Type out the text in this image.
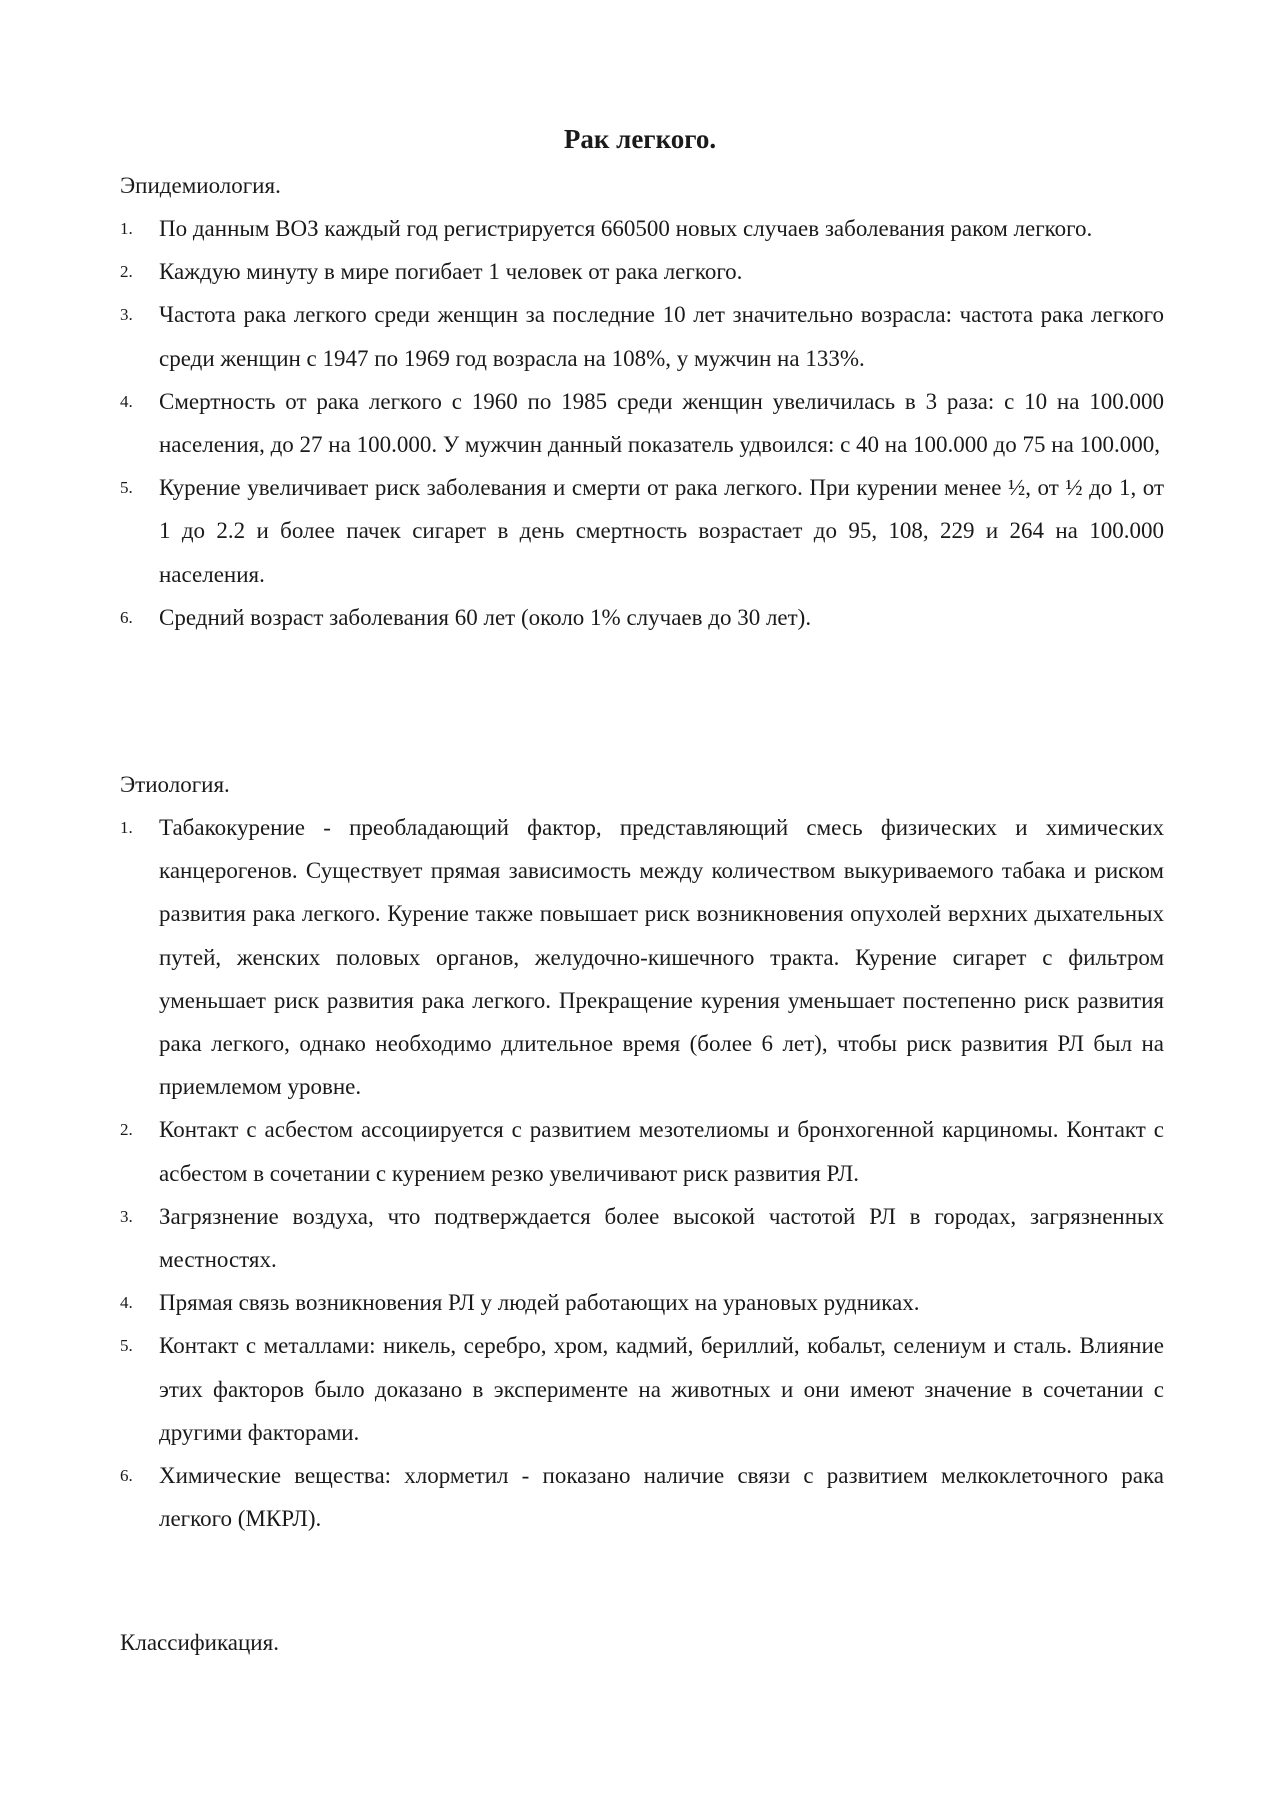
Рак легкого.
Эпидемиология.
1. По данным ВОЗ каждый год регистрируется 660500 новых случаев заболевания раком легкого.
2. Каждую минуту в мире погибает 1 человек от рака легкого.
3. Частота рака легкого среди женщин за последние 10 лет значительно возрасла: частота рака легкого среди женщин с 1947 по 1969 год возрасла на 108%, у мужчин на 133%.
4. Смертность от рака легкого с 1960 по 1985 среди женщин увеличилась в 3 раза: с 10 на 100.000 населения, до 27 на 100.000. У мужчин данный показатель удвоился: с 40 на 100.000 до 75 на 100.000,
5. Курение увеличивает риск заболевания и смерти от рака легкого. При курении менее ½, от ½ до 1, от 1 до 2.2 и более пачек сигарет в день смертность возрастает до 95, 108, 229 и 264 на 100.000 населения.
6. Средний возраст заболевания 60 лет (около 1% случаев до 30 лет).
Этиология.
1. Табакокурение - преобладающий фактор, представляющий смесь физических и химических канцерогенов. Существует прямая зависимость между количеством выкуриваемого табака и риском развития рака легкого. Курение также повышает риск возникновения опухолей верхних дыхательных путей, женских половых органов, желудочно-кишечного тракта. Курение сигарет с фильтром уменьшает риск развития рака легкого. Прекращение курения уменьшает постепенно риск развития рака легкого, однако необходимо длительное время (более 6 лет), чтобы риск развития РЛ был на приемлемом уровне.
2. Контакт с асбестом ассоциируется с развитием мезотелиомы и бронхогенной карциномы. Контакт с асбестом в сочетании с курением резко увеличивают риск развития РЛ.
3. Загрязнение воздуха, что подтверждается более высокой частотой РЛ в городах, загрязненных местностях.
4. Прямая связь возникновения РЛ у людей работающих на урановых рудниках.
5. Контакт с металлами: никель, серебро, хром, кадмий, бериллий, кобальт, селениум и сталь. Влияние этих факторов было доказано в эксперименте на животных и они имеют значение в сочетании с другими факторами.
6. Химические вещества: хлорметил - показано наличие связи с развитием мелкоклеточного рака легкого (МКРЛ).
Классификация.
